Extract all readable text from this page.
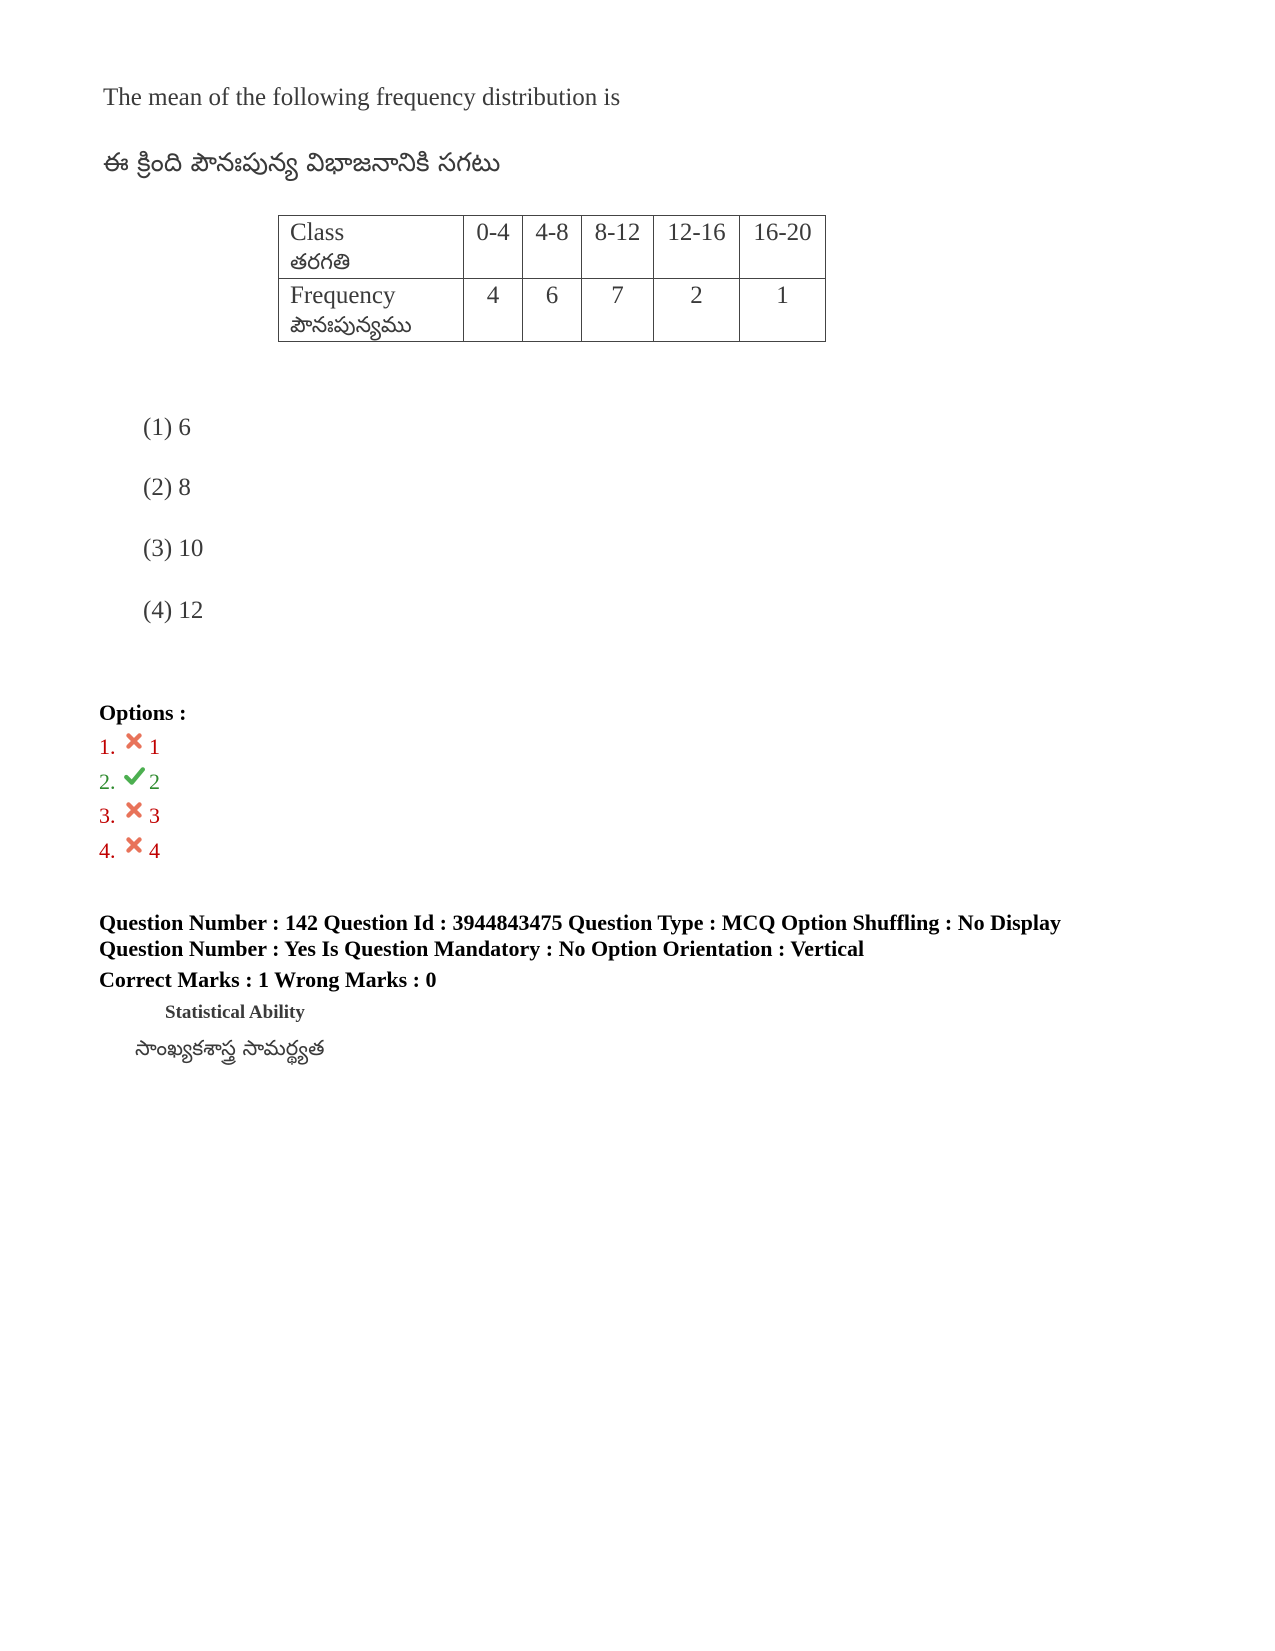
The mean of the following frequency distribution is
ఈ క్రింది పౌనఃపున్య విభాజనానికి సగటు
Class
తరగతి	0-4	4-8	8-12	12-16	16-20

Frequency
పౌనఃపున్యము	4	6	7	2	1
(1) 6
(2) 8
(3) 10
(4) 12
Options :
1.	1
2.	2
3.	3
4.	4
Question Number : 142 Question Id : 3944843475 Question Type : MCQ Option Shuffling : No Display
Question Number : Yes Is Question Mandatory : No Option Orientation : Vertical
Correct Marks : 1 Wrong Marks : 0
Statistical Ability
సాంఖ్యకశాస్త్ర సామర్థ్యత
